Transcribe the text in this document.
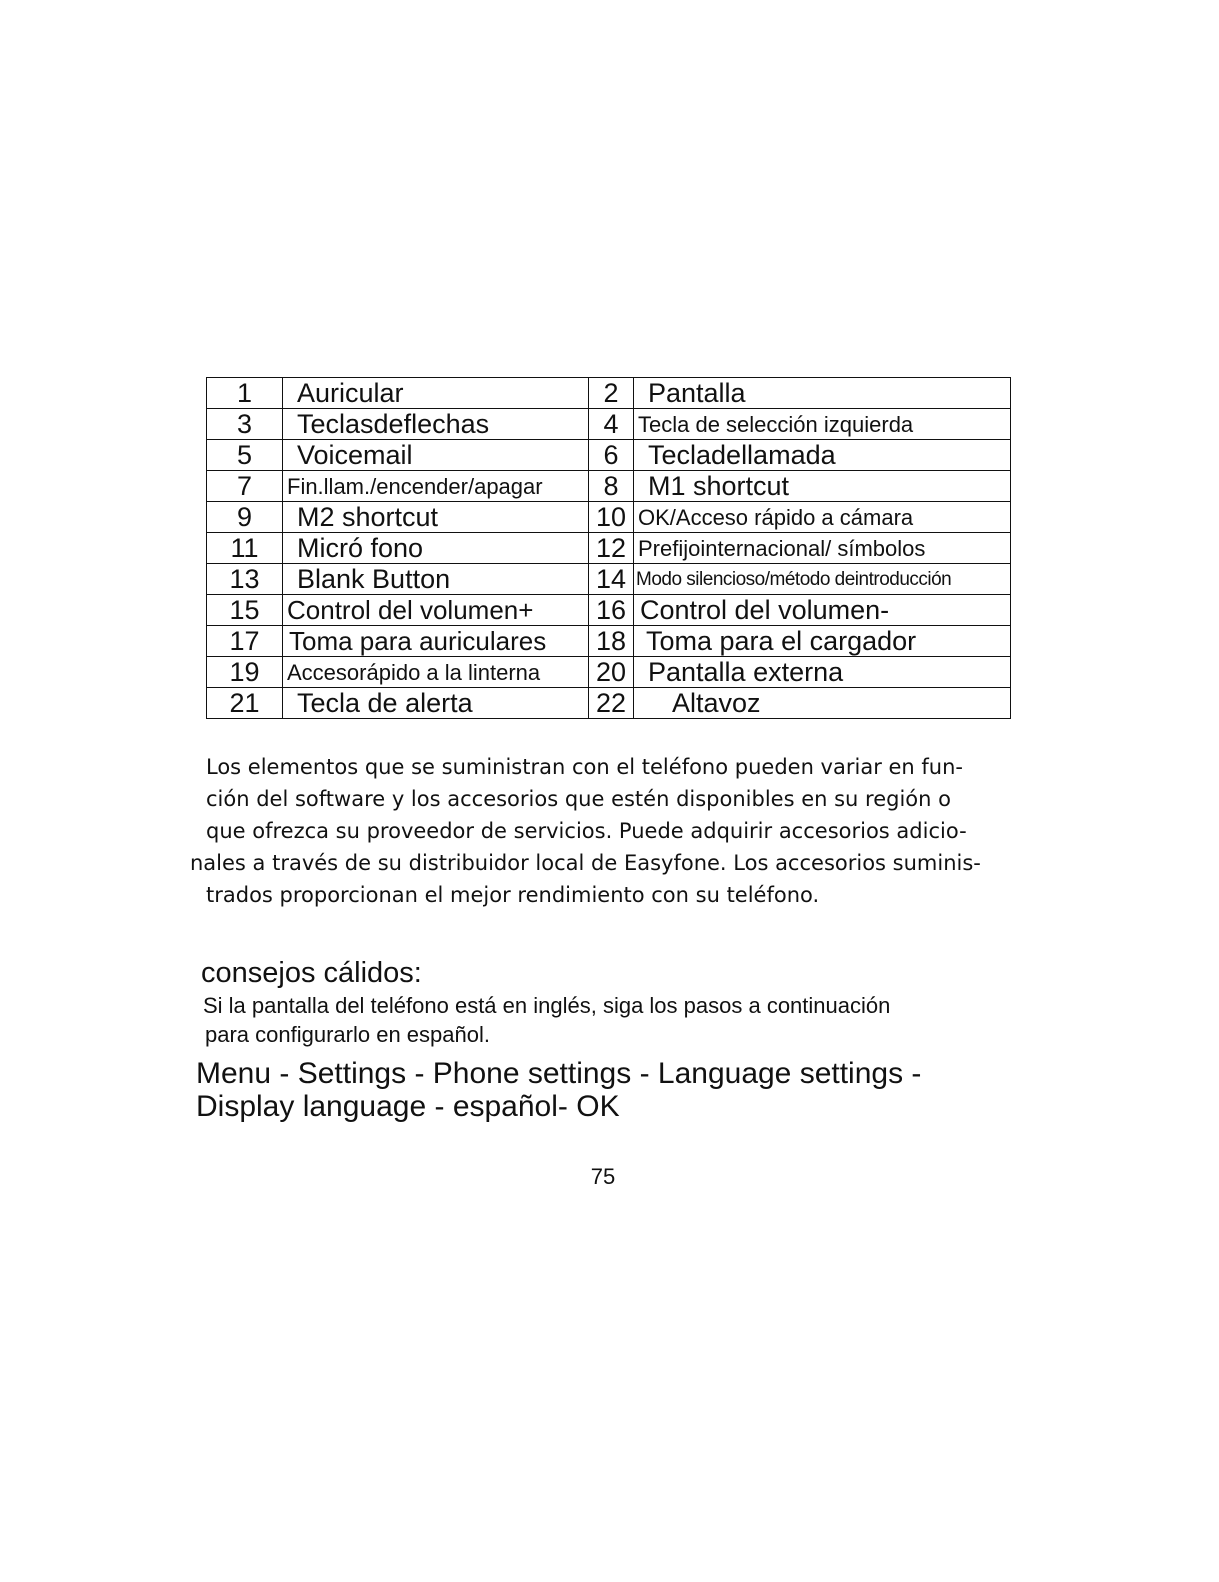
1	Auricular	2	Pantalla
3	Teclasdeflechas	4	Tecla de selección izquierda
5	Voicemail	6	Tecladellamada
7	Fin.llam./encender/apagar	8	M1 shortcut
9	M2 shortcut	10	OK/Acceso rápido a cámara
11	Micró fono	12	Prefijointernacional/ símbolos
13	Blank Button	14	Modo silencioso/método deintroducción
15	Control del volumen+	16	Control del volumen-
17	Toma para auriculares	18	Toma para el cargador
19	Accesorápido a la linterna	20	Pantalla externa
21	Tecla de alerta	22	Altavoz

Los elementos que se suministran con el teléfono pueden variar en fun-
ción del software y los accesorios que estén disponibles en su región o
que ofrezca su proveedor de servicios. Puede adquirir accesorios adicio-
nales a través de su distribuidor local de Easyfone. Los accesorios suminis-
trados proporcionan el mejor rendimiento con su teléfono.

consejos cálidos:

Si la pantalla del teléfono está en inglés, siga los pasos a continuación
para configurarlo en español.

Menu - Settings - Phone settings - Language settings -
Display language - español- OK

75
